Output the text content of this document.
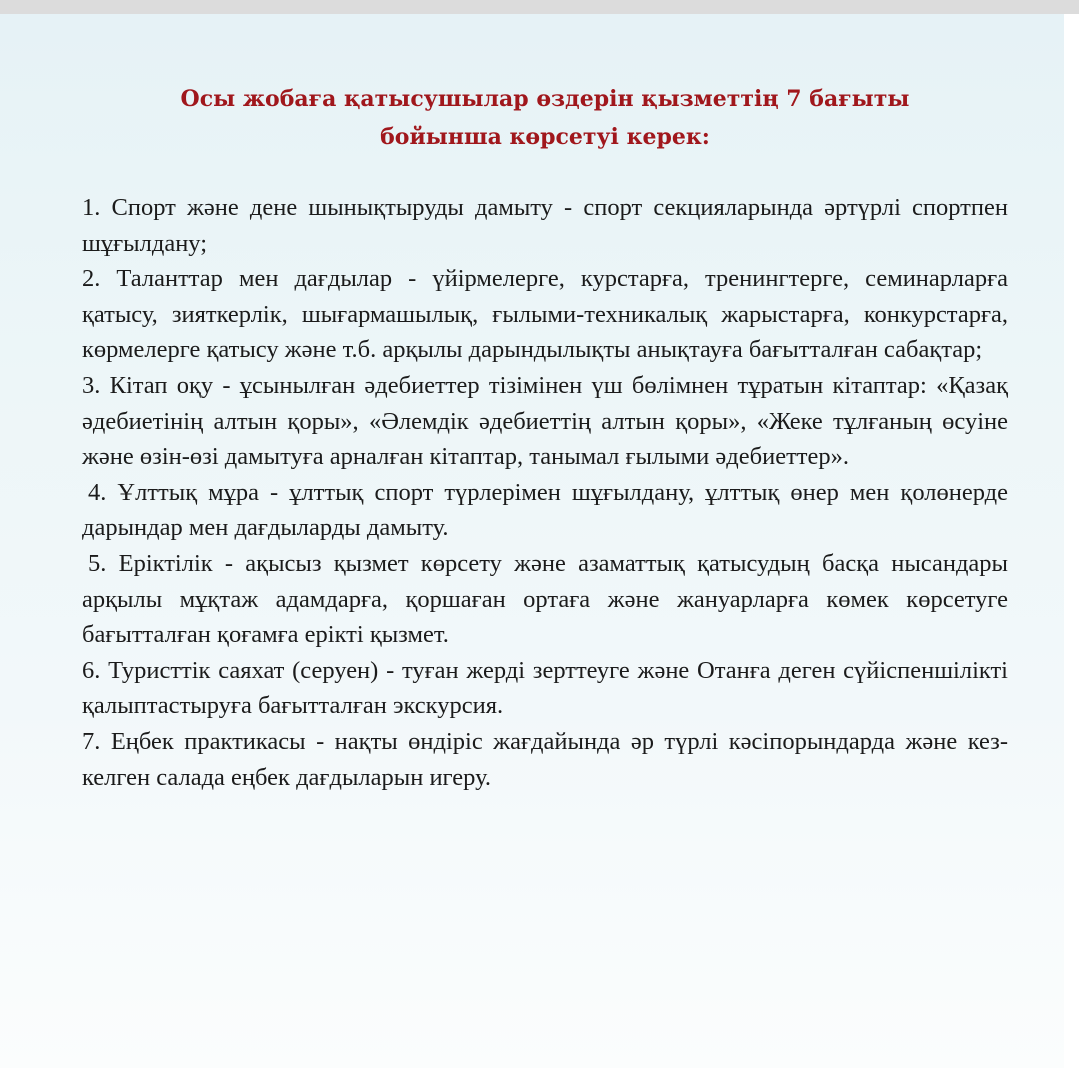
Осы жобаға қатысушылар өздерін қызметтің 7 бағыты
бойынша көрсетуі керек:

1. Спорт және дене шынықтыруды дамыту - спорт секцияларында әртүрлі спортпен шұғылдану;

2. Таланттар мен дағдылар - үйірмелерге, курстарға, тренингтерге, семинарларға қатысу, зияткерлік, шығармашылық, ғылыми-техникалық жарыстарға, конкурстарға, көрмелерге қатысу және т.б. арқылы дарындылықты анықтауға бағытталған сабақтар;

3. Кітап оқу - ұсынылған әдебиеттер тізімінен үш бөлімнен тұратын кітаптар: «Қазақ әдебиетінің алтын қоры», «Әлемдік әдебиеттің алтын қоры», «Жеке тұлғаның өсуіне және өзін-өзі дамытуға арналған кітаптар, танымал ғылыми әдебиеттер».

4. Ұлттық мұра - ұлттық спорт түрлерімен шұғылдану, ұлттық өнер мен қолөнерде дарындар мен дағдыларды дамыту.

5. Еріктілік - ақысыз қызмет көрсету және азаматтық қатысудың басқа нысандары арқылы мұқтаж адамдарға, қоршаған ортаға және жануарларға көмек көрсетуге бағытталған қоғамға ерікті қызмет.

6. Туристтік саяхат (серуен) - туған жерді зерттеуге және Отанға деген сүйіспеншілікті қалыптастыруға бағытталған экскурсия.

7. Еңбек практикасы - нақты өндіріс жағдайында әр түрлі кәсіпорындарда және кез-келген салада еңбек дағдыларын игеру.
